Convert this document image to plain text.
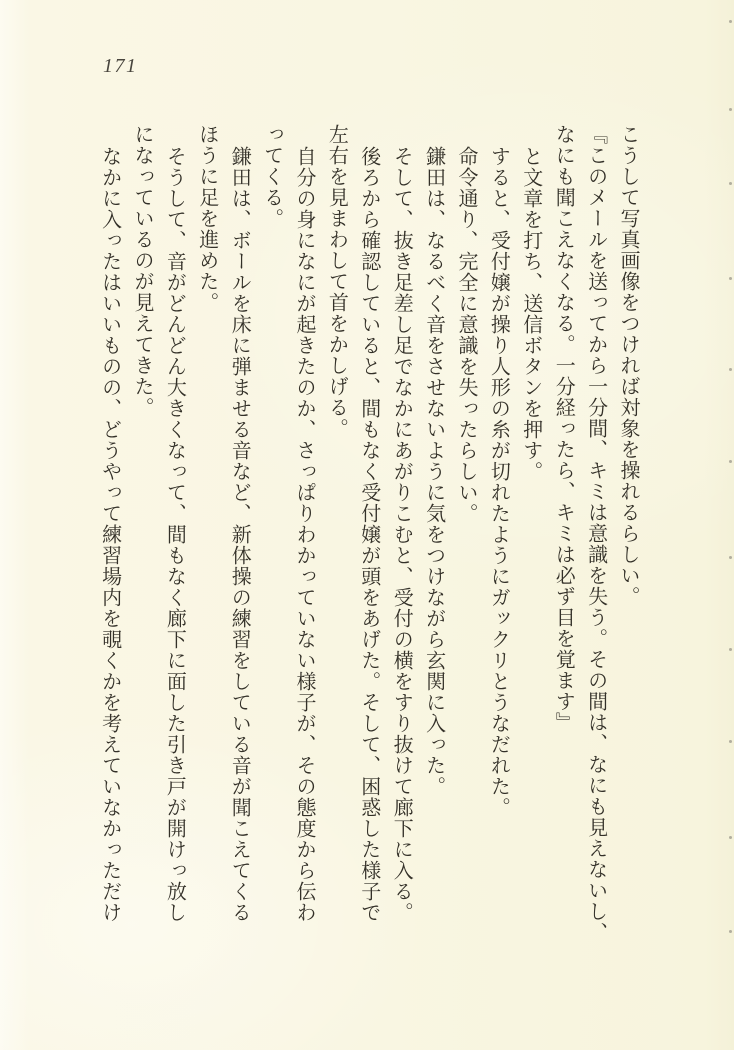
171
こうして写真画像をつければ対象を操れるらしい。
『このメールを送ってから一分間、キミは意識を失う。その間は、なにも見えないし、
なにも聞こえなくなる。一分経ったら、キミは必ず目を覚ます』
と文章を打ち、送信ボタンを押す。
すると、受付嬢が操り人形の糸が切れたようにガックリとうなだれた。
命令通り、完全に意識を失ったらしい。
鎌田は、なるべく音をさせないように気をつけながら玄関に入った。
そして、抜き足差し足でなかにあがりこむと、受付の横をすり抜けて廊下に入る。
後ろから確認していると、間もなく受付嬢が頭をあげた。そして、困惑した様子で
左右を見まわして首をかしげる。
自分の身になにが起きたのか、さっぱりわかっていない様子が、その態度から伝わ
ってくる。
鎌田は、ボールを床に弾ませる音など、新体操の練習をしている音が聞こえてくる
ほうに足を進めた。
そうして、音がどんどん大きくなって、間もなく廊下に面した引き戸が開けっ放し
になっているのが見えてきた。
なかに入ったはいいものの、どうやって練習場内を覗くかを考えていなかっただけ
